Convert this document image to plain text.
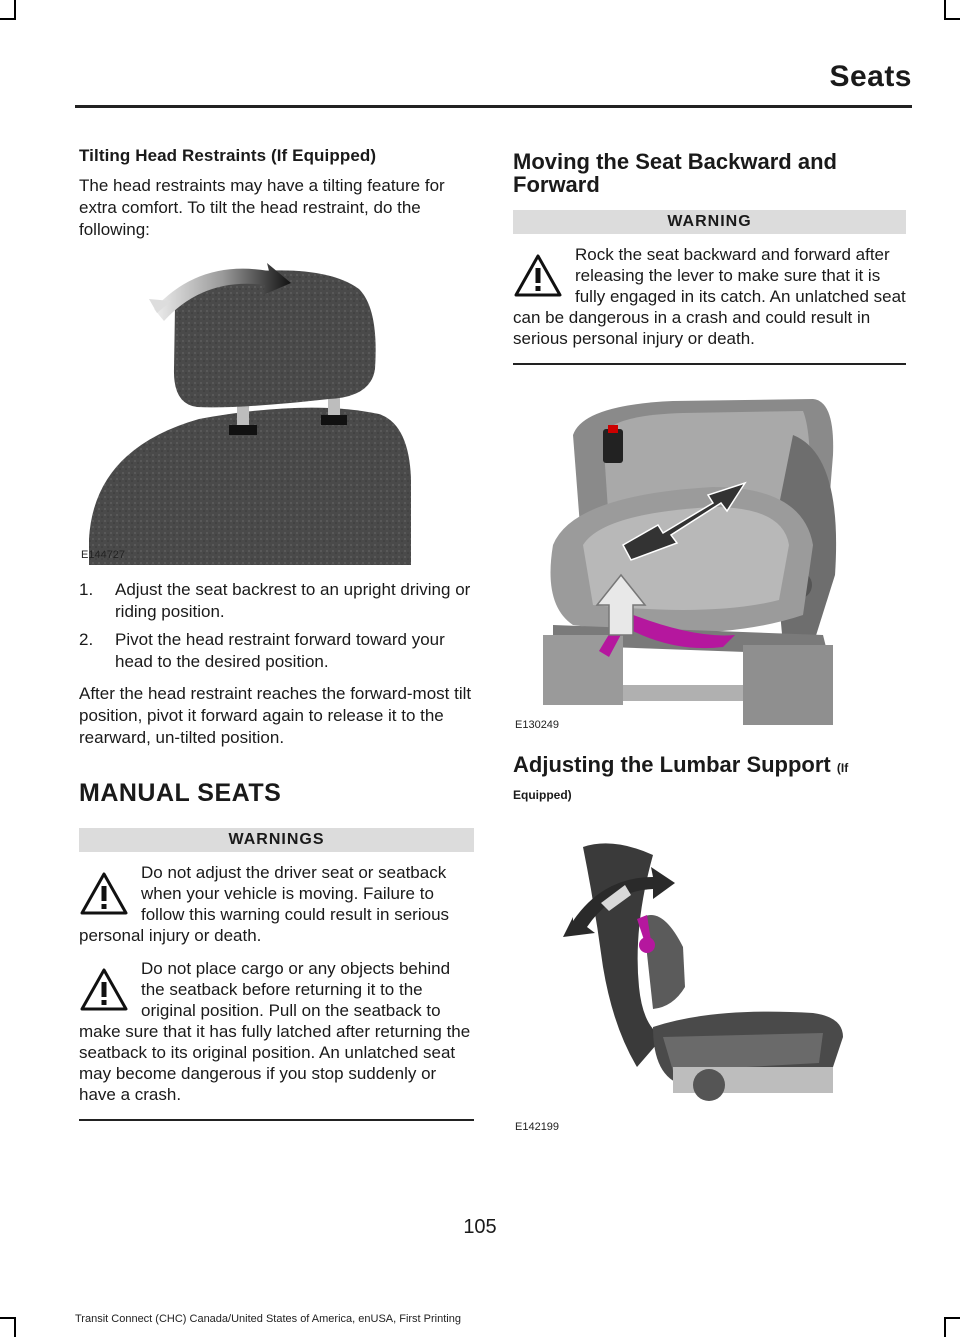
Seats
Tilting Head Restraints (If Equipped)

The head restraints may have a tilting feature for extra comfort. To tilt the head restraint, do the following:

E144727
1.	Adjust the seat backrest to an upright driving or riding position.
2.	Pivot the head restraint forward toward your head to the desired position.

After the head restraint reaches the forward-most tilt position, pivot it forward again to release it to the rearward, un-tilted position.

MANUAL SEATS
WARNINGS
Do not adjust the driver seat or seatback when your vehicle is moving. Failure to follow this warning could result in serious personal injury or death.
Do not place cargo or any objects behind the seatback before returning it to the original position. Pull on the seatback to make sure that it has fully latched after returning the seatback to its original position. An unlatched seat may become dangerous if you stop suddenly or have a crash.
Moving the Seat Backward and Forward
WARNING
Rock the seat backward and forward after releasing the lever to make sure that it is fully engaged in its catch. An unlatched seat can be dangerous in a crash and could result in serious personal injury or death.
E130249
Adjusting the Lumbar Support (If Equipped)
E142199
105
Transit Connect (CHC) Canada/United States of America, enUSA, First Printing
